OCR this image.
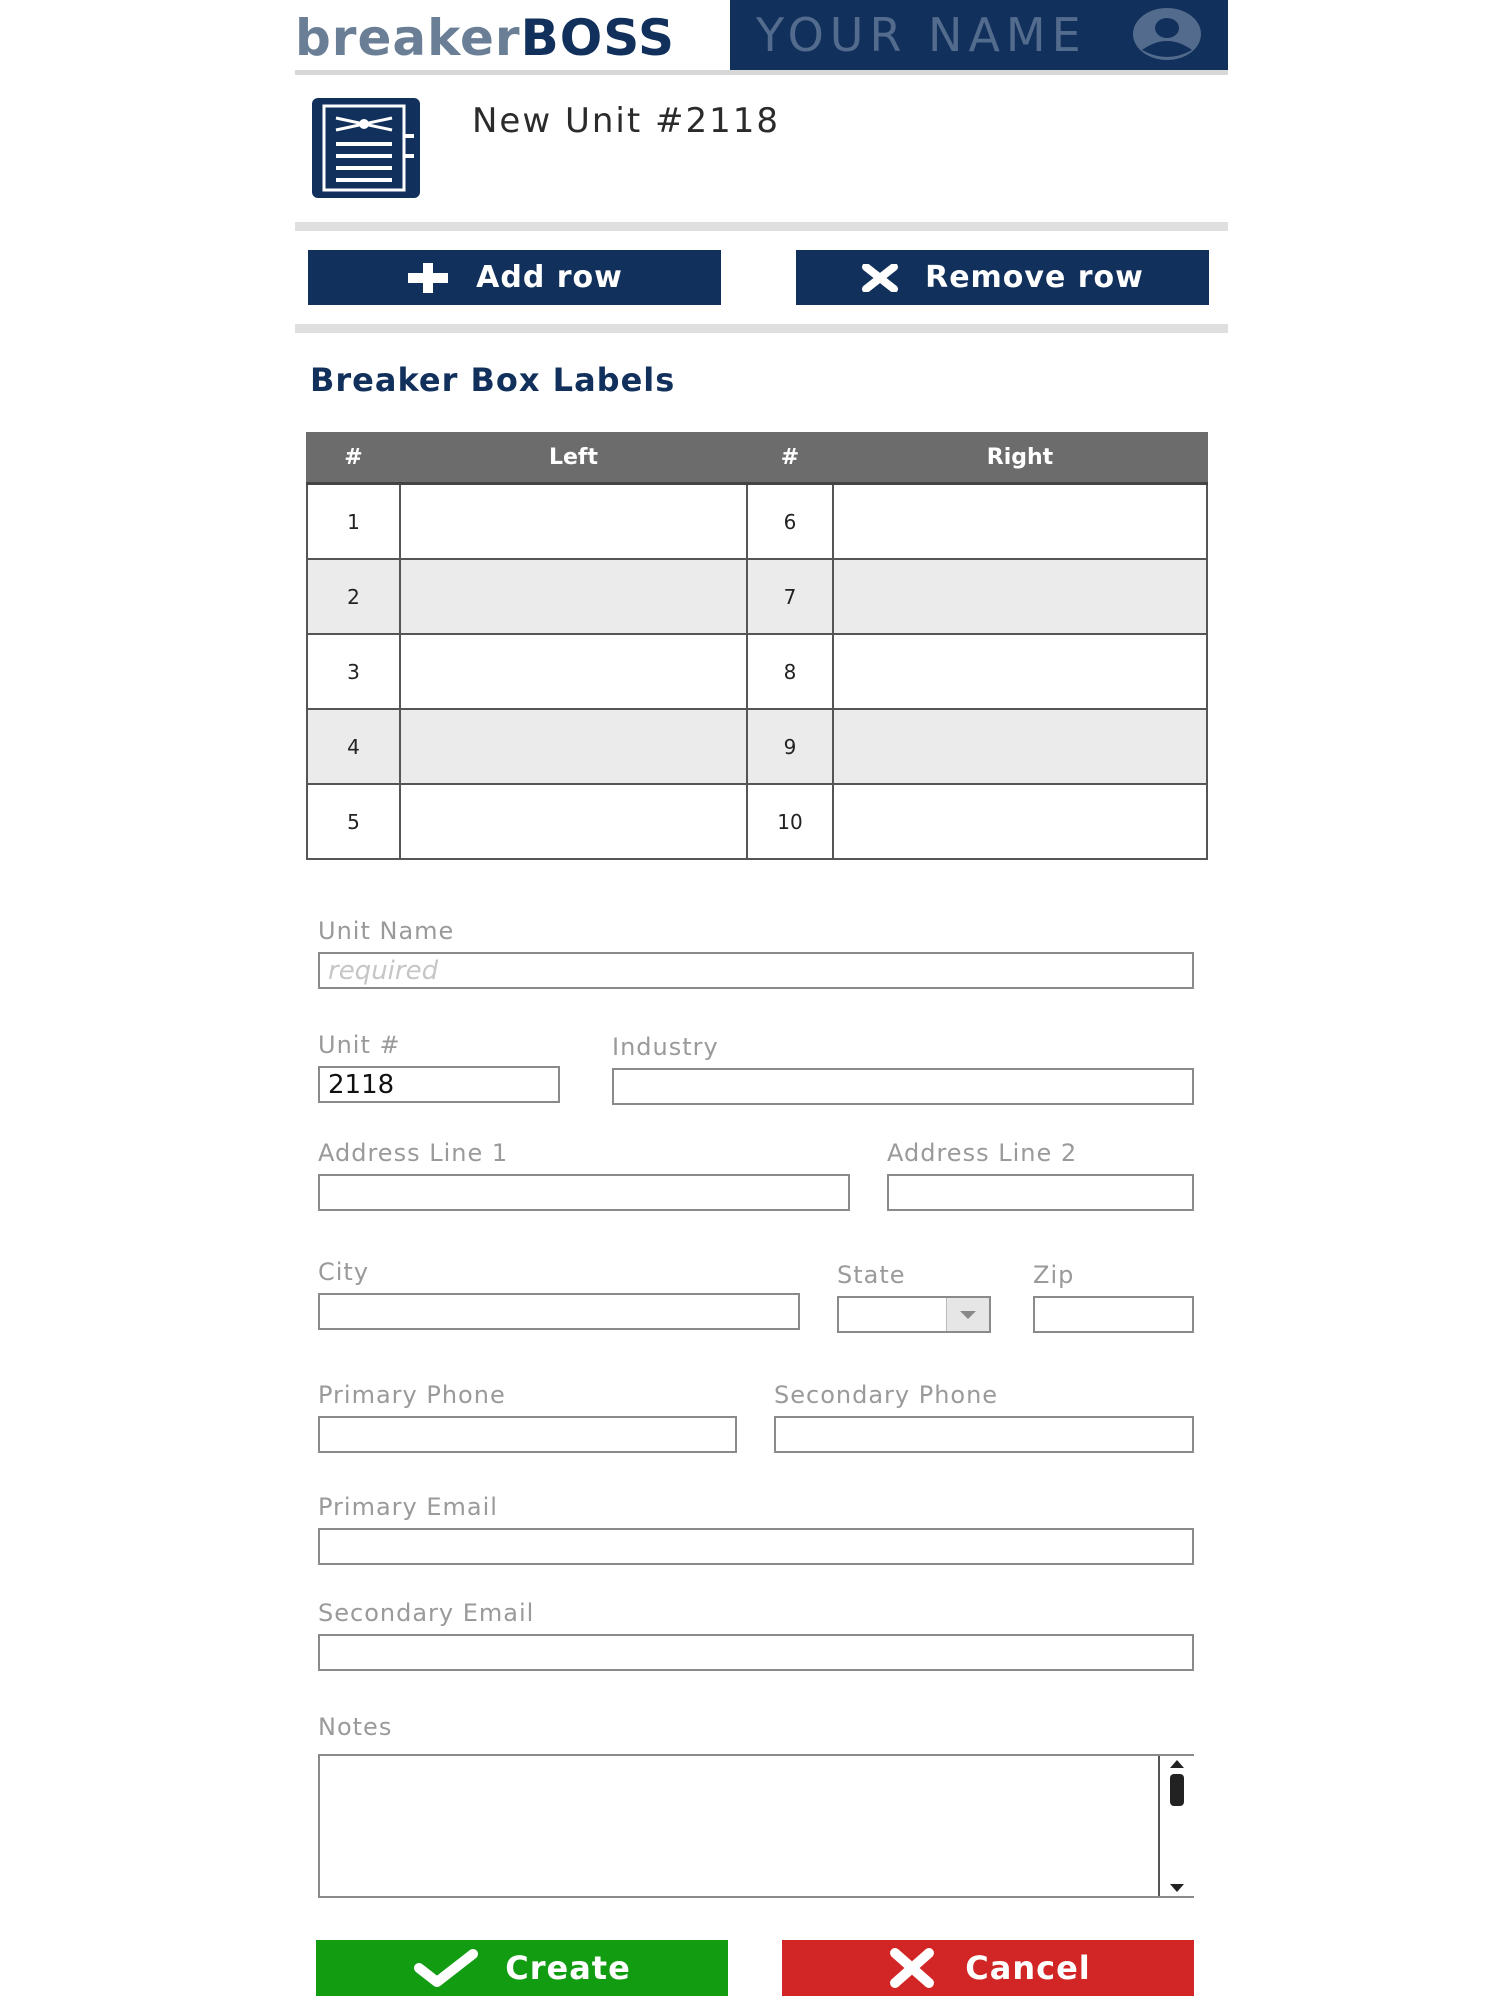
breakerBOSS YOUR NAME
New Unit #2118
Add row	Remove row
Breaker Box Labels
#	Left	#	Right
1		6	
2		7	
3		8	
4		9	
5		10	
Unit Name
required
Unit #
2118	Industry
Address Line 1	Address Line 2
City	State	Zip
Primary Phone	Secondary Phone
Primary Email
Secondary Email
Notes
Create	Cancel
